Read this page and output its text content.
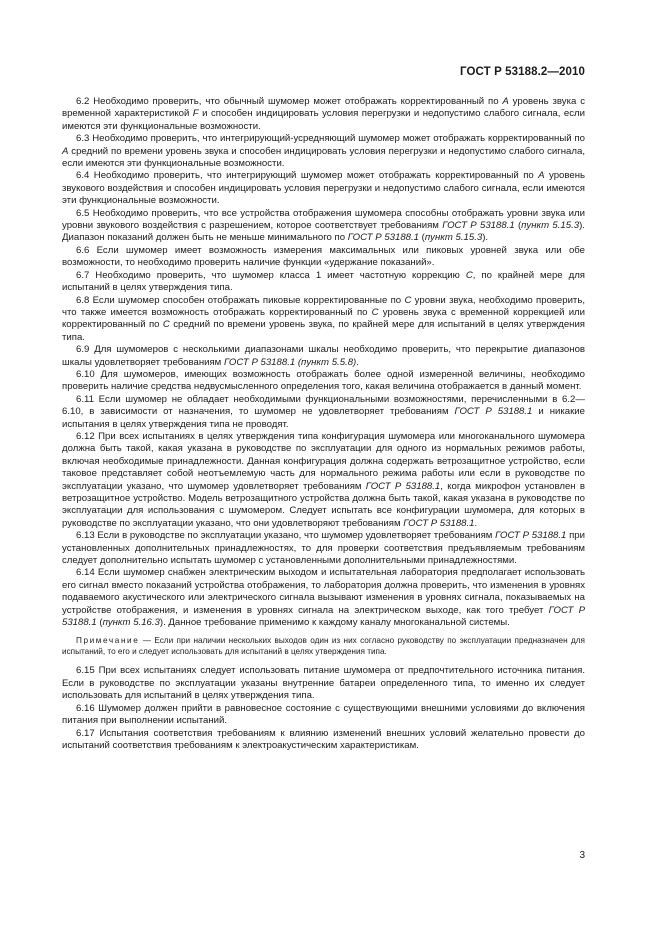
ГОСТ Р 53188.2—2010

6.2 Необходимо проверить, что обычный шумомер может отображать корректированный по А уровень звука с временной характеристикой F и способен индицировать условия перегрузки и недопустимо слабого сигнала, если имеются эти функциональные возможности.

6.3 Необходимо проверить, что интегрирующий-усредняющий шумомер может отображать корректированный по А средний по времени уровень звука и способен индицировать условия перегрузки и недопустимо слабого сигнала, если имеются эти функциональные возможности.

6.4 Необходимо проверить, что интегрирующий шумомер может отображать корректированный по А уровень звукового воздействия и способен индицировать условия перегрузки и недопустимо слабого сигнала, если имеются эти функциональные возможности.

6.5 Необходимо проверить, что все устройства отображения шумомера способны отображать уровни звука или уровни звукового воздействия с разрешением, которое соответствует требованиям ГОСТ Р 53188.1 (пункт 5.15.3). Диапазон показаний должен быть не меньше минимального по ГОСТ Р 53188.1 (пункт 5.15.3).

6.6 Если шумомер имеет возможность измерения максимальных или пиковых уровней звука или обе возможности, то необходимо проверить наличие функции «удержание показаний».

6.7 Необходимо проверить, что шумомер класса 1 имеет частотную коррекцию С, по крайней мере для испытаний в целях утверждения типа.

6.8 Если шумомер способен отображать пиковые корректированные по С уровни звука, необходимо проверить, что также имеется возможность отображать корректированный по С уровень звука с временной коррекцией или корректированный по С средний по времени уровень звука, по крайней мере для испытаний в целях утверждения типа.

6.9 Для шумомеров с несколькими диапазонами шкалы необходимо проверить, что перекрытие диапазонов шкалы удовлетворяет требованиям ГОСТ Р 53188.1 (пункт 5.5.8).

6.10 Для шумомеров, имеющих возможность отображать более одной измеренной величины, необходимо проверить наличие средства недвусмысленного определения того, какая величина отображается в данный момент.

6.11 Если шумомер не обладает необходимыми функциональными возможностями, перечисленными в 6.2—6.10, в зависимости от назначения, то шумомер не удовлетворяет требованиям ГОСТ Р 53188.1 и никакие испытания в целях утверждения типа не проводят.

6.12 При всех испытаниях в целях утверждения типа конфигурация шумомера или многоканального шумомера должна быть такой, какая указана в руководстве по эксплуатации для одного из нормальных режимов работы, включая необходимые принадлежности. Данная конфигурация должна содержать ветрозащитное устройство, если таковое представляет собой неотъемлемую часть для нормального режима работы или если в руководстве по эксплуатации указано, что шумомер удовлетворяет требованиям ГОСТ Р 53188.1, когда микрофон установлен в ветрозащитное устройство. Модель ветрозащитного устройства должна быть такой, какая указана в руководстве по эксплуатации для использования с шумомером. Следует испытать все конфигурации шумомера, для которых в руководстве по эксплуатации указано, что они удовлетворяют требованиям ГОСТ Р 53188.1.

6.13 Если в руководстве по эксплуатации указано, что шумомер удовлетворяет требованиям ГОСТ Р 53188.1 при установленных дополнительных принадлежностях, то для проверки соответствия предъявляемым требованиям следует дополнительно испытать шумомер с установленными дополнительными принадлежностями.

6.14 Если шумомер снабжен электрическим выходом и испытательная лаборатория предполагает использовать его сигнал вместо показаний устройства отображения, то лаборатория должна проверить, что изменения в уровнях подаваемого акустического или электрического сигнала вызывают изменения в уровнях сигнала, показываемых на устройстве отображения, и изменения в уровнях сигнала на электрическом выходе, как того требует ГОСТ Р 53188.1 (пункт 5.16.3). Данное требование применимо к каждому каналу многоканальной системы.

Примечание — Если при наличии нескольких выходов один из них согласно руководству по эксплуатации предназначен для испытаний, то его и следует использовать для испытаний в целях утверждения типа.

6.15 При всех испытаниях следует использовать питание шумомера от предпочтительного источника питания. Если в руководстве по эксплуатации указаны внутренние батареи определенного типа, то именно их следует использовать для испытаний в целях утверждения типа.

6.16 Шумомер должен прийти в равновесное состояние с существующими внешними условиями до включения питания при выполнении испытаний.

6.17 Испытания соответствия требованиям к влиянию изменений внешних условий желательно провести до испытаний соответствия требованиям к электроакустическим характеристикам.

3
